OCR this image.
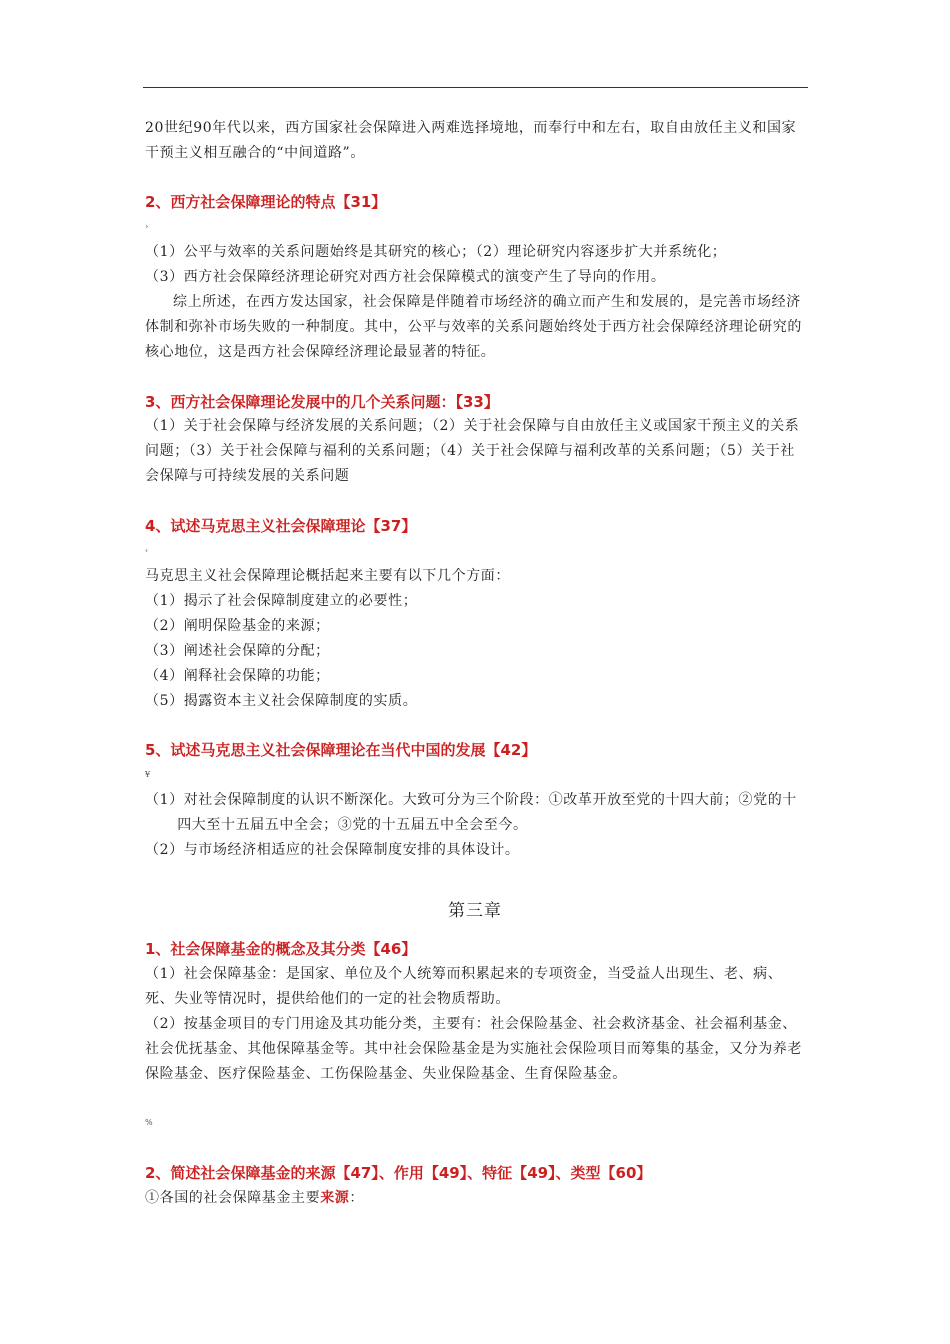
20世纪90年代以来，西方国家社会保障进入两难选择境地，而奉行中和左右，取自由放任主义和国家干预主义相互融合的“中间道路”。

2、西方社会保障理论的特点【31】

›
（1）公平与效率的关系问题始终是其研究的核心；（2）理论研究内容逐步扩大并系统化；
（3）西方社会保障经济理论研究对西方社会保障模式的演变产生了导向的作用。

综上所述，在西方发达国家，社会保障是伴随着市场经济的确立而产生和发展的，是完善市场经济体制和弥补市场失败的一种制度。其中，公平与效率的关系问题始终处于西方社会保障经济理论研究的核心地位，这是西方社会保障经济理论最显著的特征。

3、西方社会保障理论发展中的几个关系问题：【33】

（1）关于社会保障与经济发展的关系问题；（2）关于社会保障与自由放任主义或国家干预主义的关系问题；（3）关于社会保障与福利的关系问题；（4）关于社会保障与福利改革的关系问题；（5）关于社会保障与可持续发展的关系问题

4、试述马克思主义社会保障理论【37】

‹
马克思主义社会保障理论概括起来主要有以下几个方面：
（1）揭示了社会保障制度建立的必要性；
（2）阐明保险基金的来源；
（3）阐述社会保障的分配；
（4）阐释社会保障的功能；
（5）揭露资本主义社会保障制度的实质。

5、试述马克思主义社会保障理论在当代中国的发展【42】

¥
（1）对社会保障制度的认识不断深化。大致可分为三个阶段：①改革开放至党的十四大前；②党的十四大至十五届五中全会；③党的十五届五中全会至今。
（2）与市场经济相适应的社会保障制度安排的具体设计。
第三章

1、社会保障基金的概念及其分类【46】

（1）社会保障基金：是国家、单位及个人统筹而积累起来的专项资金，当受益人出现生、老、病、死、失业等情况时，提供给他们的一定的社会物质帮助。

（2）按基金项目的专门用途及其功能分类，主要有：社会保险基金、社会救济基金、社会福利基金、社会优抚基金、其他保障基金等。其中社会保险基金是为实施社会保险项目而筹集的基金，又分为养老保险基金、医疗保险基金、工伤保险基金、失业保险基金、生育保险基金。

%

2、简述社会保障基金的来源【47】、作用【49】、特征【49】、类型【60】

①各国的社会保障基金主要来源：
